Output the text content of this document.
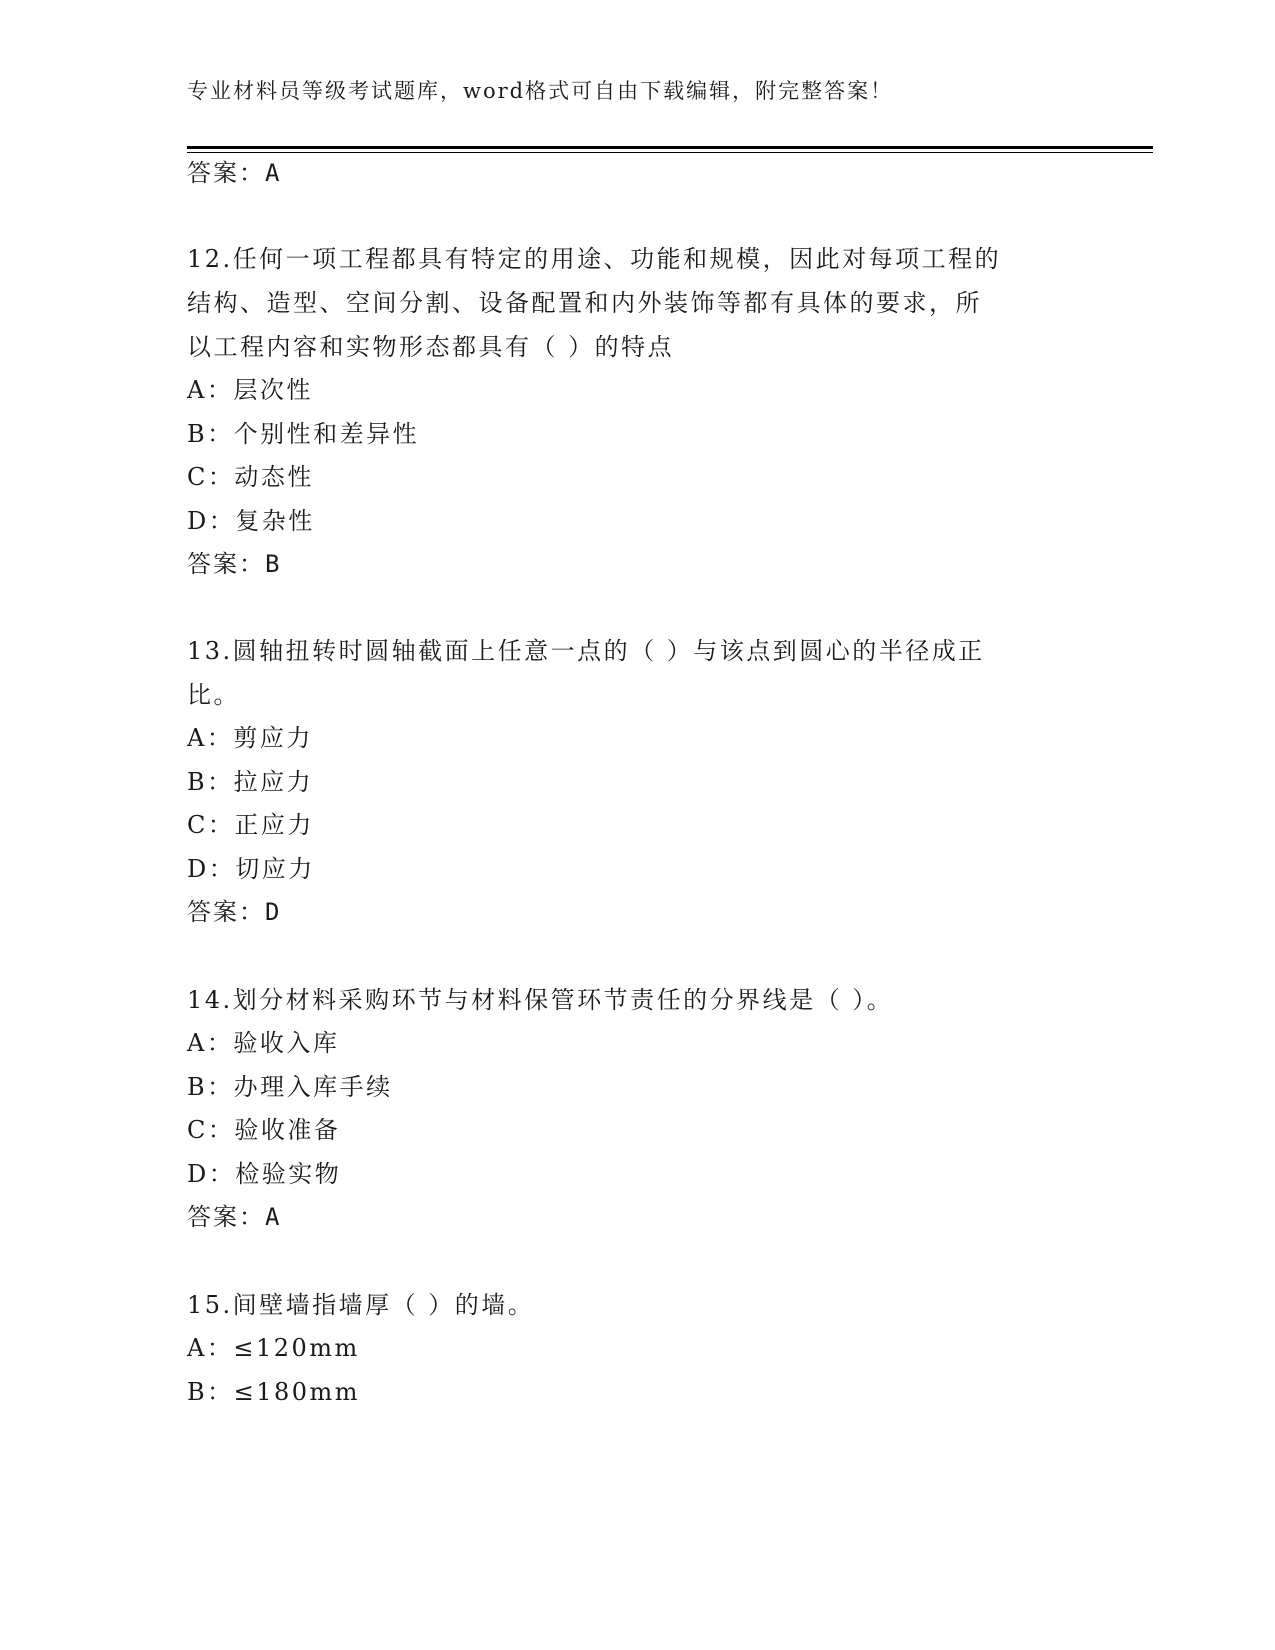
专业材料员等级考试题库，word格式可自由下载编辑，附完整答案！
答案：A
12.任何一项工程都具有特定的用途、功能和规模，因此对每项工程的
结构、造型、空间分割、设备配置和内外装饰等都有具体的要求，所
以工程内容和实物形态都具有（ ）的特点
A：层次性
B：个别性和差异性
C：动态性
D：复杂性
答案：B
13.圆轴扭转时圆轴截面上任意一点的（ ）与该点到圆心的半径成正
比。
A：剪应力
B：拉应力
C：正应力
D：切应力
答案：D
14.划分材料采购环节与材料保管环节责任的分界线是（ ）。
A：验收入库
B：办理入库手续
C：验收准备
D：检验实物
答案：A
15.间壁墙指墙厚（ ）的墙。
A：≤120mm
B：≤180mm
